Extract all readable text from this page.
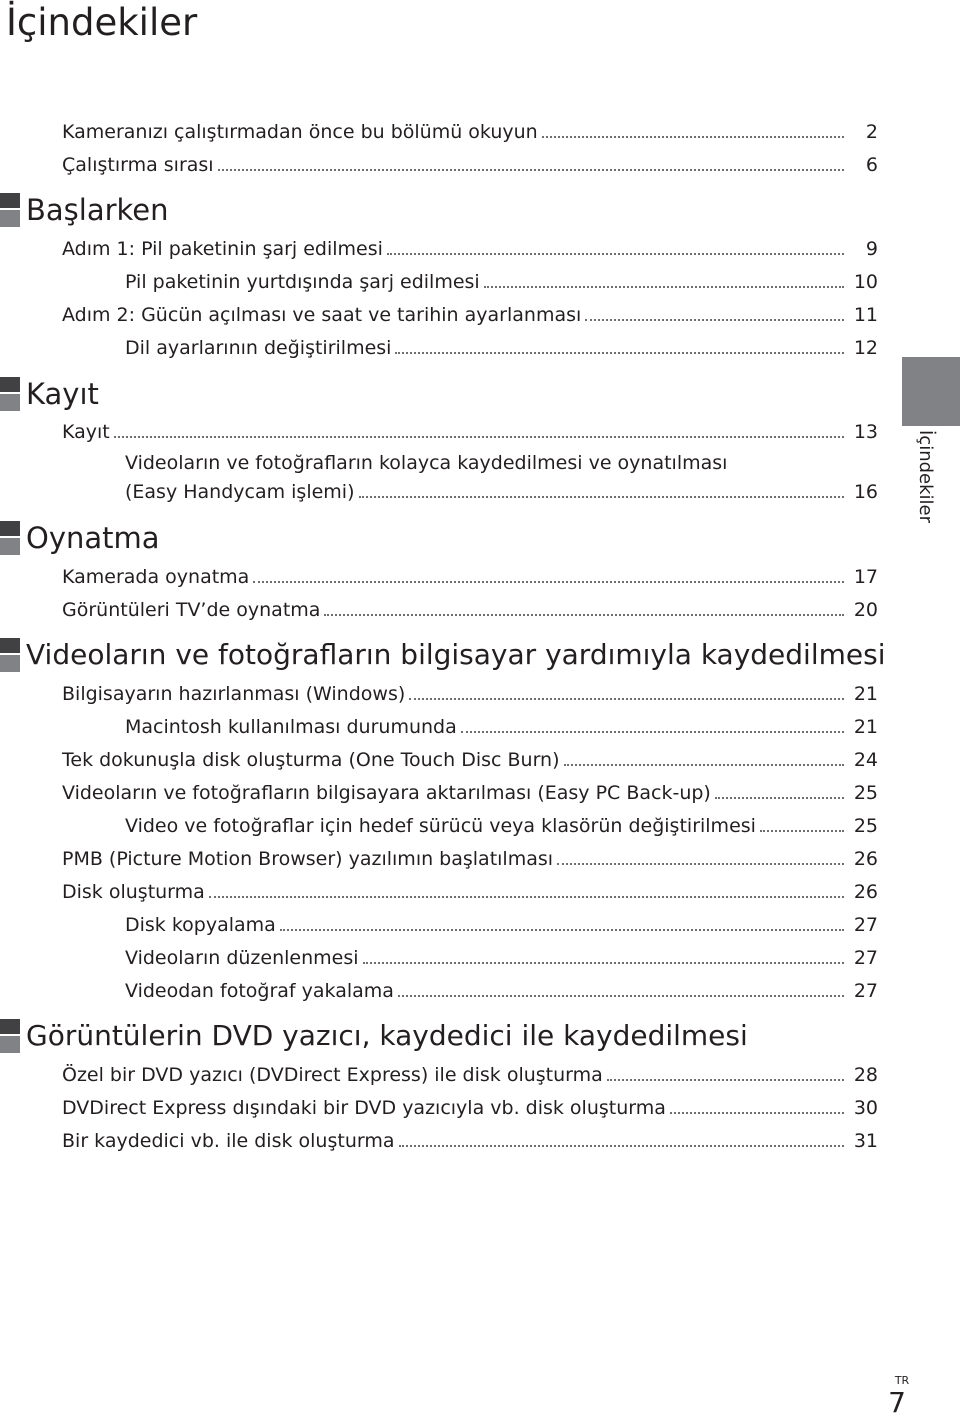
İçindekiler
Kameranızı çalıştırmadan önce bu bölümü okuyun	2
Çalıştırma sırası	6
Başlarken
Adım 1: Pil paketinin şarj edilmesi	9
Pil paketinin yurtdışında şarj edilmesi	10
Adım 2: Gücün açılması ve saat ve tarihin ayarlanması	11
Dil ayarlarının değiştirilmesi	12
Kayıt
Kayıt	13
Videoların ve fotoğrafların kolayca kaydedilmesi ve oynatılması
(Easy Handycam işlemi)	16
Oynatma
Kamerada oynatma	17
Görüntüleri TV’de oynatma	20
Videoların ve fotoğrafların bilgisayar yardımıyla kaydedilmesi
Bilgisayarın hazırlanması (Windows)	21
Macintosh kullanılması durumunda	21
Tek dokunuşla disk oluşturma (One Touch Disc Burn)	24
Videoların ve fotoğrafların bilgisayara aktarılması (Easy PC Back-up)	25
Video ve fotoğraflar için hedef sürücü veya klasörün değiştirilmesi	25
PMB (Picture Motion Browser) yazılımın başlatılması	26
Disk oluşturma	26
Disk kopyalama	27
Videoların düzenlenmesi	27
Videodan fotoğraf yakalama	27
Görüntülerin DVD yazıcı, kaydedici ile kaydedilmesi
Özel bir DVD yazıcı (DVDirect Express) ile disk oluşturma	28
DVDirect Express dışındaki bir DVD yazıcıyla vb. disk oluşturma	30
Bir kaydedici vb. ile disk oluşturma	31
İçindekiler
TR
7
